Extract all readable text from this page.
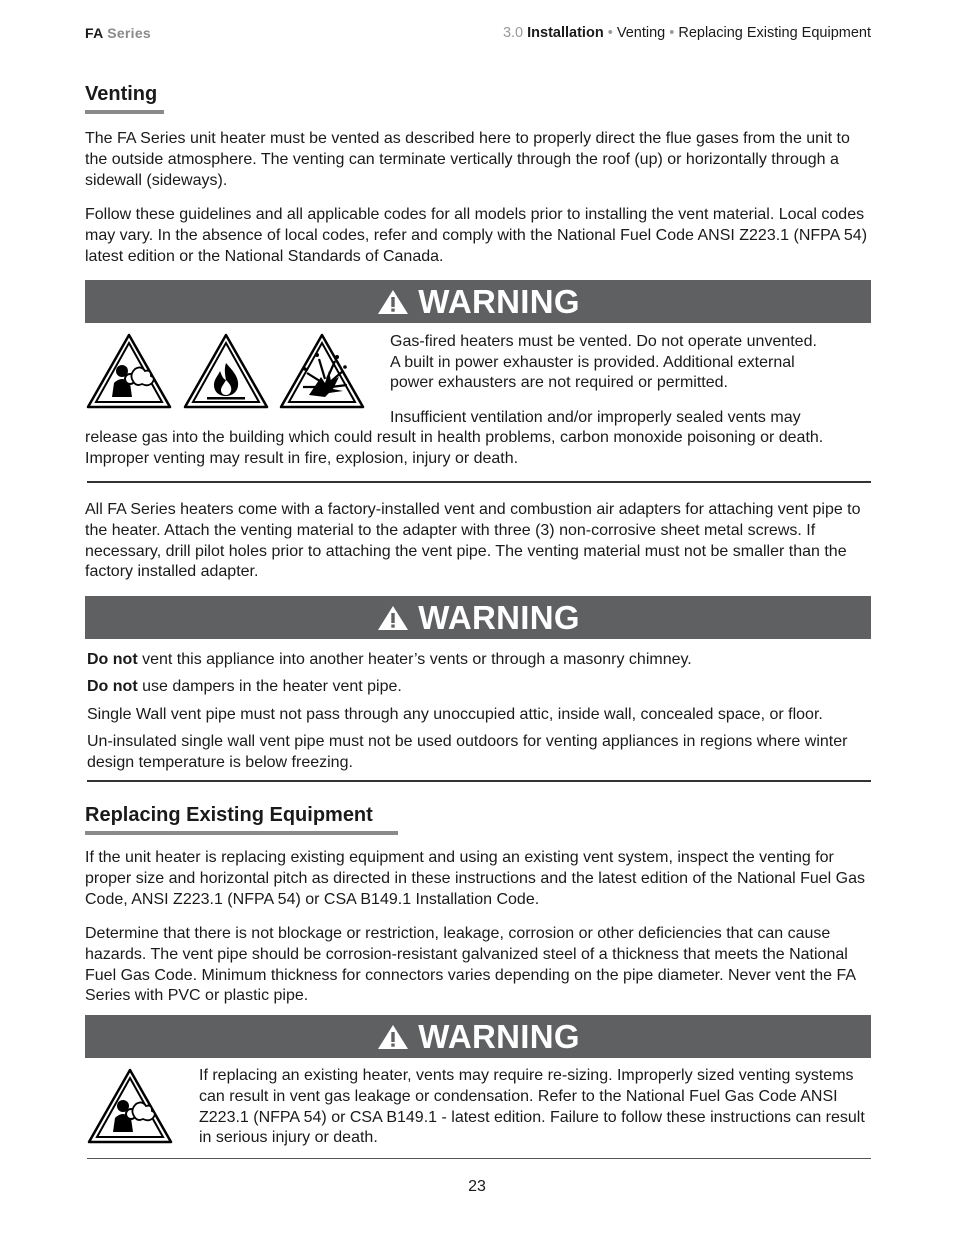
FA Series	3.0 Installation • Venting • Replacing Existing Equipment
Venting

The FA Series unit heater must be vented as described here to properly direct the flue gases from the unit to the outside atmosphere. The venting can terminate vertically through the roof (up) or horizontally through a sidewall (sideways).

Follow these guidelines and all applicable codes for all models prior to installing the vent material. Local codes may vary. In the absence of local codes, refer and comply with the National Fuel Code ANSI Z223.1 (NFPA 54) latest edition or the National Standards of Canada.

WARNING

Gas-fired heaters must be vented. Do not operate unvented.

A built in power exhauster is provided. Additional external

power exhausters are not required or permitted.

Insufficient ventilation and/or improperly sealed vents may

release gas into the building which could result in health problems, carbon monoxide poisoning or death.

Improper venting may result in fire, explosion, injury or death.

All FA Series heaters come with a factory-installed vent and combustion air adapters for attaching vent pipe to the heater. Attach the venting material to the adapter with three (3) non-corrosive sheet metal screws. If necessary, drill pilot holes prior to attaching the vent pipe. The venting material must not be smaller than the factory installed adapter.

WARNING

Do not vent this appliance into another heater’s vents or through a masonry chimney.

Do not use dampers in the heater vent pipe.

Single Wall vent pipe must not pass through any unoccupied attic, inside wall, concealed space, or floor.

Un-insulated single wall vent pipe must not be used outdoors for venting appliances in regions where winter design temperature is below freezing.

Replacing Existing Equipment

If the unit heater is replacing existing equipment and using an existing vent system, inspect the venting for proper size and horizontal pitch as directed in these instructions and the latest edition of the National Fuel Gas Code, ANSI Z223.1 (NFPA 54) or CSA B149.1 Installation Code.

Determine that there is not blockage or restriction, leakage, corrosion or other deficiencies that can cause hazards. The vent pipe should be corrosion-resistant galvanized steel of a thickness that meets the National Fuel Gas Code. Minimum thickness for connectors varies depending on the pipe diameter. Never vent the FA Series with PVC or plastic pipe.

WARNING

If replacing an existing heater, vents may require re-sizing. Improperly sized venting systems can result in vent gas leakage or condensation. Refer to the National Fuel Gas Code ANSI Z223.1 (NFPA 54) or CSA B149.1 - latest edition. Failure to follow these instructions can result in serious injury or death.

23
